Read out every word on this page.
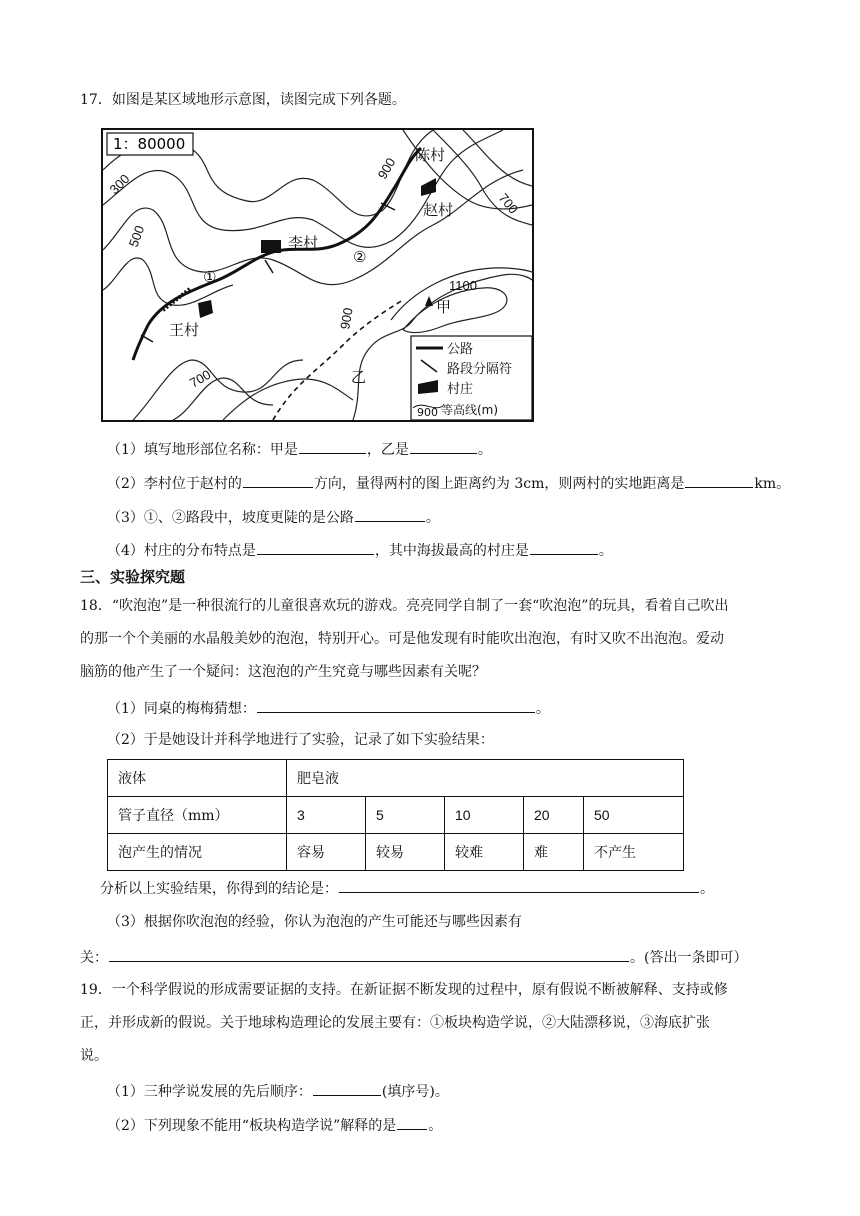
17．如图是某区域地形示意图，读图完成下列各题。
1：80000
陈村
赵村
李村
王村
甲
乙
①
②
300
500
900
700
1100
900
700
公路
路段分隔符
村庄
900 等高线(m)
（1）填写地形部位名称：甲是	，乙是	。
（2）李村位于赵村的	方向，量得两村的图上距离约为 3cm，则两村的实地距离是	km。
（3）①、②路段中，坡度更陡的是公路	。
（4）村庄的分布特点是	，其中海拔最高的村庄是	。
三、实验探究题
18．“吹泡泡”是一种很流行的儿童很喜欢玩的游戏。亮亮同学自制了一套“吹泡泡”的玩具，看着自己吹出
的那一个个美丽的水晶般美妙的泡泡，特别开心。可是他发现有时能吹出泡泡，有时又吹不出泡泡。爱动
脑筋的他产生了一个疑问：这泡泡的产生究竟与哪些因素有关呢？
（1）同桌的梅梅猜想：	。
（2）于是她设计并科学地进行了实验，记录了如下实验结果：
液体	肥皂液				
管子直径（mm）	3	5	10	20	50
泡产生的情况	容易	较易	较难	难	不产生
分析以上实验结果，你得到的结论是：	。
（3）根据你吹泡泡的经验，你认为泡泡的产生可能还与哪些因素有
关：	。(答出一条即可）
19．一个科学假说的形成需要证据的支持。在新证据不断发现的过程中，原有假说不断被解释、支持或修
正，并形成新的假说。关于地球构造理论的发展主要有：①板块构造学说，②大陆漂移说，③海底扩张
说。
（1）三种学说发展的先后顺序：	(填序号)。
（2）下列现象不能用“板块构造学说”解释的是 。
